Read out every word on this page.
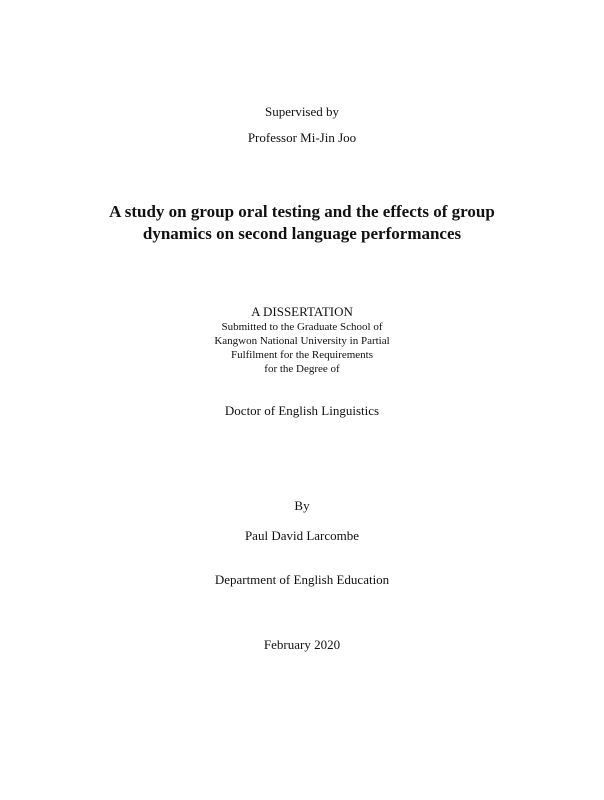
Supervised by
Professor Mi-Jin Joo
A study on group oral testing and the effects of group
dynamics on second language performances
A DISSERTATION
Submitted to the Graduate School of
Kangwon National University in Partial
Fulfilment for the Requirements
for the Degree of
Doctor of English Linguistics
By
Paul David Larcombe
Department of English Education
February 2020
